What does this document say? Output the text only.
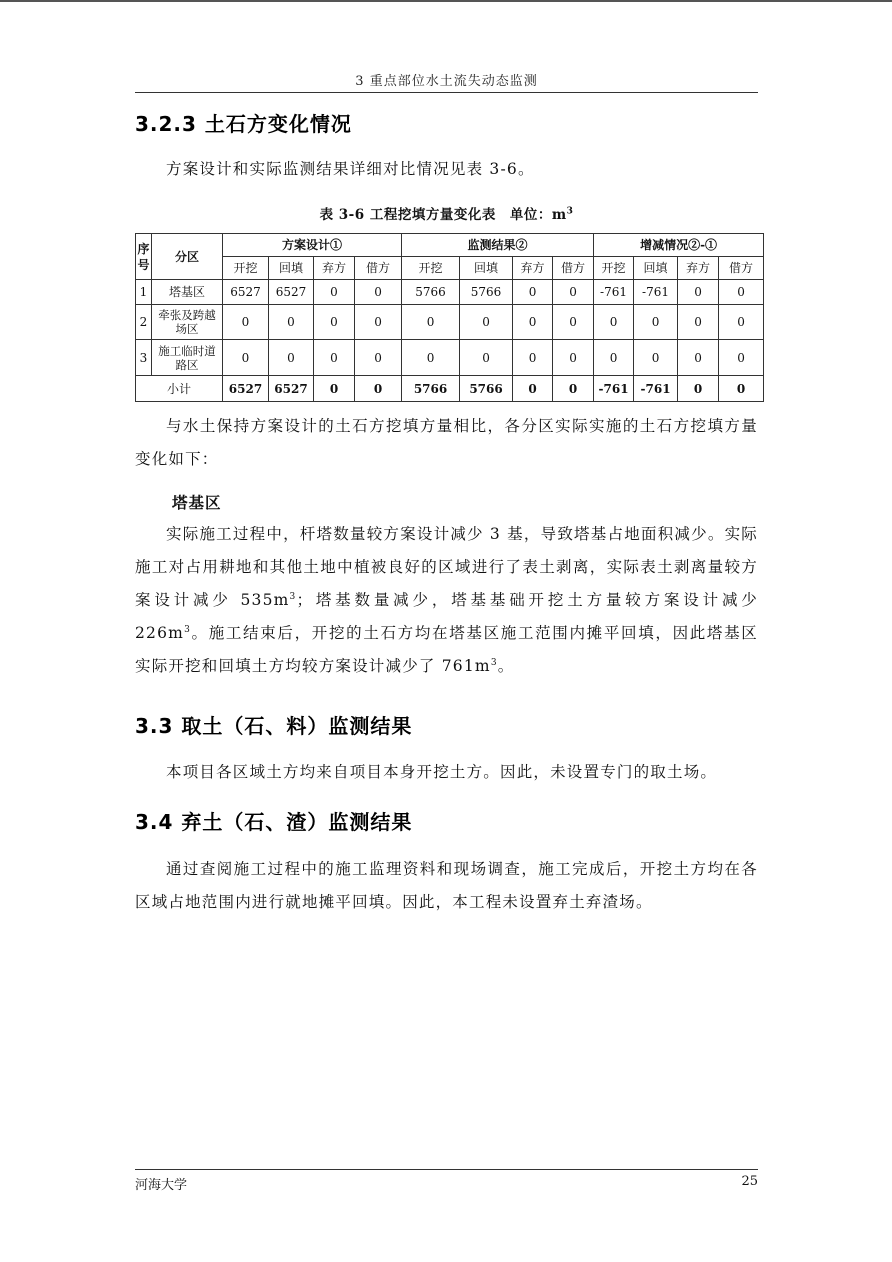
3 重点部位水土流失动态监测
3.2.3 土石方变化情况

方案设计和实际监测结果详细对比情况见表 3-6。

表 3-6 工程挖填方量变化表　单位：$m^3$
序号	分区	方案设计①				监测结果②				增减情况②-①			
		开挖	回填	弃方	借方	开挖	回填	弃方	借方	开挖	回填	弃方	借方
1	塔基区	6527	6527	0	0	5766	5766	0	0	-761	-761	0	0
2	牵张及跨越场区	0	0	0	0	0	0	0	0	0	0	0	0
3	施工临时道路区	0	0	0	0	0	0	0	0	0	0	0	0
小计		6527	6527	0	0	5766	5766	0	0	-761	-761	0	0

与水土保持方案设计的土石方挖填方量相比，各分区实际实施的土石方挖填方量变化如下：

塔基区

实际施工过程中，杆塔数量较方案设计减少 3 基，导致塔基占地面积减少。实际施工对占用耕地和其他土地中植被良好的区域进行了表土剥离，实际表土剥离量较方案设计减少 $535m^3$；塔基数量减少，塔基基础开挖土方量较方案设计减少 $226m^3$。施工结束后，开挖的土石方均在塔基区施工范围内摊平回填，因此塔基区实际开挖和回填土方均较方案设计减少了 $761m^3$。

3.3 取土（石、料）监测结果

本项目各区域土方均来自项目本身开挖土方。因此，未设置专门的取土场。

3.4 弃土（石、渣）监测结果

通过查阅施工过程中的施工监理资料和现场调查，施工完成后，开挖土方均在各区域占地范围内进行就地摊平回填。因此，本工程未设置弃土弃渣场。

河海大学	25
